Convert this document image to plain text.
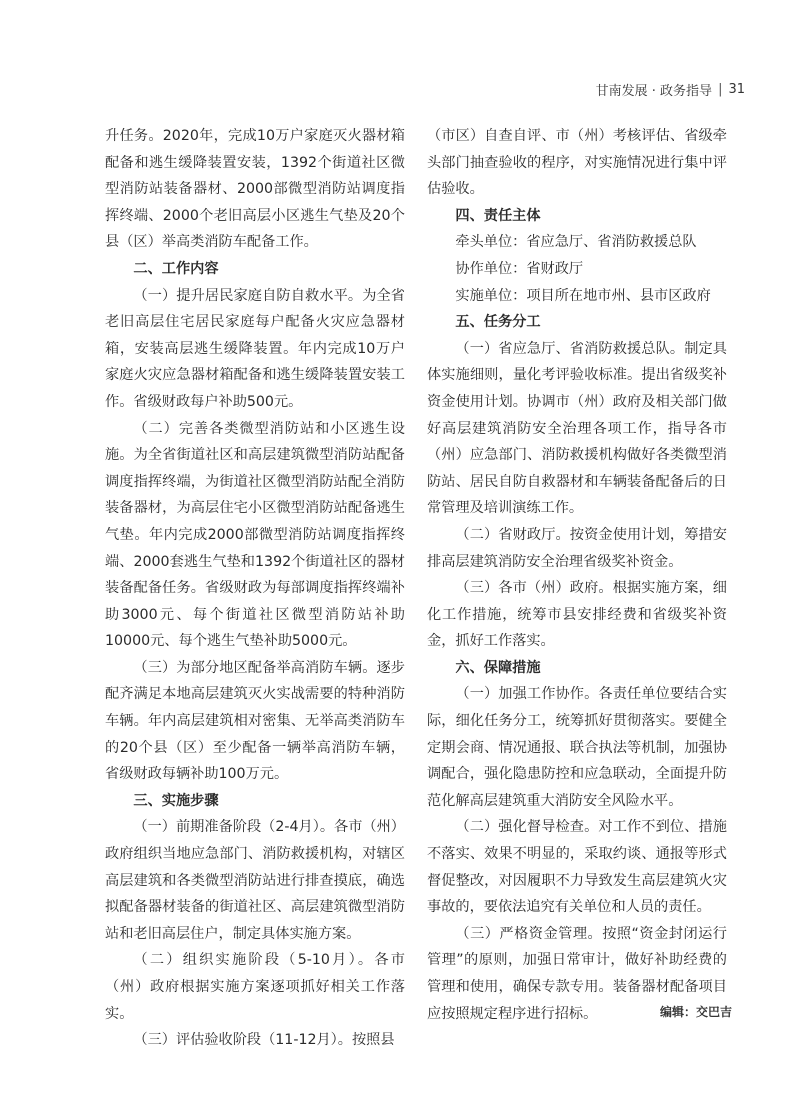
甘南发展 · 政务指导 | 31

升任务。2020年，完成10万户家庭灭火器材箱配备和逃生缓降装置安装，1392个街道社区微型消防站装备器材、2000部微型消防站调度指挥终端、2000个老旧高层小区逃生气垫及20个县（区）举高类消防车配备工作。

二、工作内容

（一）提升居民家庭自防自救水平。为全省老旧高层住宅居民家庭每户配备火灾应急器材箱，安装高层逃生缓降装置。年内完成10万户家庭火灾应急器材箱配备和逃生缓降装置安装工作。省级财政每户补助500元。

（二）完善各类微型消防站和小区逃生设施。为全省街道社区和高层建筑微型消防站配备调度指挥终端，为街道社区微型消防站配全消防装备器材，为高层住宅小区微型消防站配备逃生气垫。年内完成2000部微型消防站调度指挥终端、2000套逃生气垫和1392个街道社区的器材装备配备任务。省级财政为每部调度指挥终端补助3000元、每个街道社区微型消防站补助10000元、每个逃生气垫补助5000元。

（三）为部分地区配备举高消防车辆。逐步配齐满足本地高层建筑灭火实战需要的特种消防车辆。年内高层建筑相对密集、无举高类消防车的20个县（区）至少配备一辆举高消防车辆，省级财政每辆补助100万元。

三、实施步骤

（一）前期准备阶段（2-4月）。各市（州）政府组织当地应急部门、消防救援机构，对辖区高层建筑和各类微型消防站进行排查摸底，确选拟配备器材装备的街道社区、高层建筑微型消防站和老旧高层住户，制定具体实施方案。

（二）组织实施阶段（5-10月）。各市（州）政府根据实施方案逐项抓好相关工作落实。

（三）评估验收阶段（11-12月）。按照县

（市区）自查自评、市（州）考核评估、省级牵头部门抽查验收的程序，对实施情况进行集中评估验收。

四、责任主体

牵头单位：省应急厅、省消防救援总队

协作单位：省财政厅

实施单位：项目所在地市州、县市区政府

五、任务分工

（一）省应急厅、省消防救援总队。制定具体实施细则，量化考评验收标准。提出省级奖补资金使用计划。协调市（州）政府及相关部门做好高层建筑消防安全治理各项工作，指导各市（州）应急部门、消防救援机构做好各类微型消防站、居民自防自救器材和车辆装备配备后的日常管理及培训演练工作。

（二）省财政厅。按资金使用计划，筹措安排高层建筑消防安全治理省级奖补资金。

（三）各市（州）政府。根据实施方案，细化工作措施，统筹市县安排经费和省级奖补资金，抓好工作落实。

六、保障措施

（一）加强工作协作。各责任单位要结合实际，细化任务分工，统筹抓好贯彻落实。要健全定期会商、情况通报、联合执法等机制，加强协调配合，强化隐患防控和应急联动，全面提升防范化解高层建筑重大消防安全风险水平。

（二）强化督导检查。对工作不到位、措施不落实、效果不明显的，采取约谈、通报等形式督促整改，对因履职不力导致发生高层建筑火灾事故的，要依法追究有关单位和人员的责任。

（三）严格资金管理。按照“资金封闭运行管理”的原则，加强日常审计，做好补助经费的管理和使用，确保专款专用。装备器材配备项目应按照规定程序进行招标。	编辑：交巴吉
